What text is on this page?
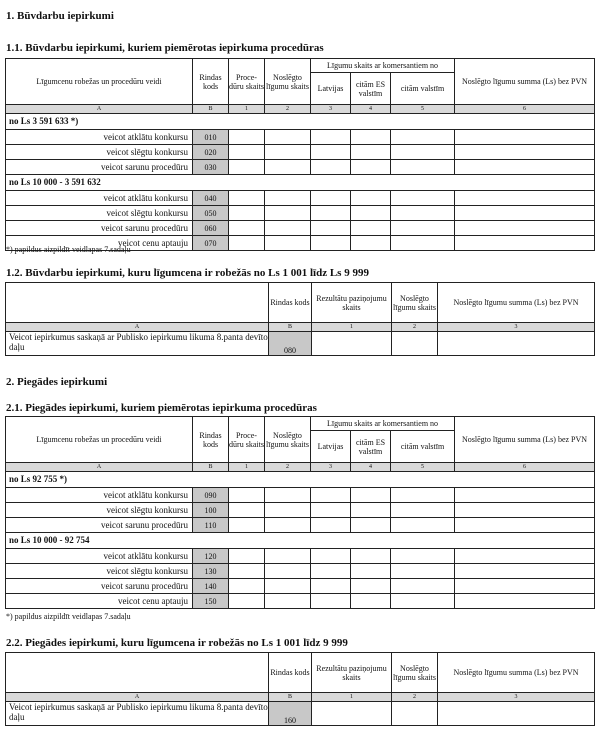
1. Būvdarbu iepirkumi
1.1. Būvdarbu iepirkumi, kuriem piemērotas iepirkuma procedūras
Līgumcenu robežas un procedūru veidi	Rindas kods	Proce-dūru skaits	Noslēgto līgumu skaits	Līgumu skaits ar komersantiem no			Noslēgto līgumu summa (Ls) bez PVN
				Latvijas	citām ES valstīm	citām valstīm	
A	B	1	2	3	4	5	6
no Ls 3 591 633 *)							
veicot atklātu konkursu	010						
veicot slēgtu konkursu	020						
veicot sarunu procedūru	030						
no Ls 10 000 - 3 591 632							
veicot atklātu konkursu	040						
veicot slēgtu konkursu	050						
veicot sarunu procedūru	060						
veicot cenu aptauju	070						
*) papildus aizpildīt veidlapas 7.sadaļu
1.2. Būvdarbu iepirkumi, kuru līgumcena ir robežās no Ls 1 001 līdz Ls 9 999
	Rindas kods	Rezultātu paziņojumu skaits	Noslēgto līgumu skaits	Noslēgto līgumu summa (Ls) bez PVN
A	B	1	2	3
Veicot iepirkumus saskaņā ar Publisko iepirkumu likuma 8.panta devīto daļu	080			
2. Piegādes iepirkumi
2.1. Piegādes iepirkumi, kuriem piemērotas iepirkuma procedūras
Līgumcenu robežas un procedūru veidi	Rindas kods	Proce-dūru skaits	Noslēgto līgumu skaits	Līgumu skaits ar komersantiem no			Noslēgto līgumu summa (Ls) bez PVN
				Latvijas	citām ES valstīm	citām valstīm	
A	B	1	2	3	4	5	6
no Ls 92 755 *)							
veicot atklātu konkursu	090						
veicot slēgtu konkursu	100						
veicot sarunu procedūru	110						
no Ls 10 000 - 92 754							
veicot atklātu konkursu	120						
veicot slēgtu konkursu	130						
veicot sarunu procedūru	140						
veicot cenu aptauju	150						
*) papildus aizpildīt veidlapas 7.sadaļu
2.2. Piegādes iepirkumi, kuru līgumcena ir robežās no Ls 1 001 līdz 9 999
	Rindas kods	Rezultātu paziņojumu skaits	Noslēgto līgumu skaits	Noslēgto līgumu summa (Ls) bez PVN
A	B	1	2	3
Veicot iepirkumus saskaņā ar Publisko iepirkumu likuma 8.panta devīto daļu	160			
